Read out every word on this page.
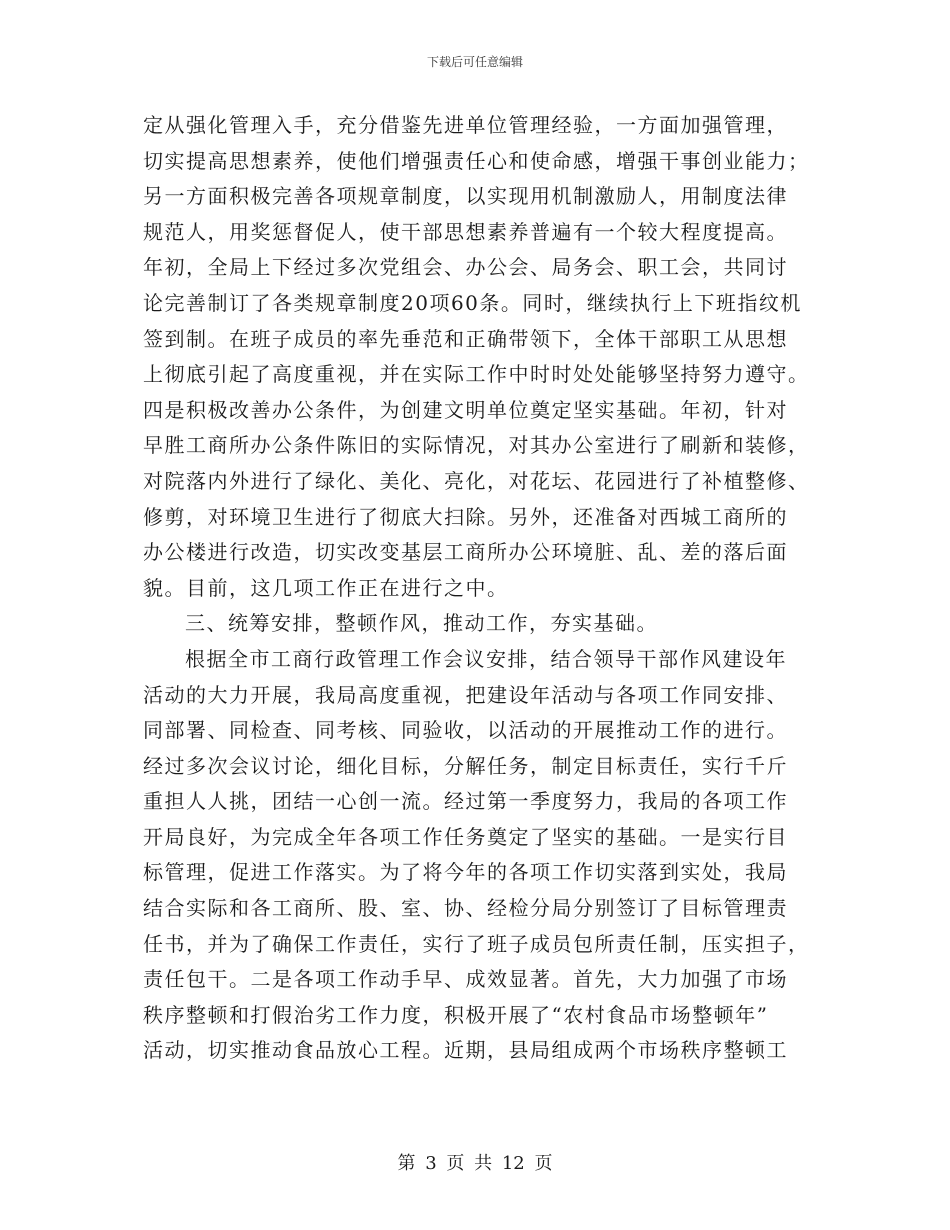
下载后可任意编辑
定从强化管理入手，充分借鉴先进单位管理经验，一方面加强管理，
切实提高思想素养，使他们增强责任心和使命感，增强干事创业能力；
另一方面积极完善各项规章制度，以实现用机制激励人，用制度法律
规范人，用奖惩督促人，使干部思想素养普遍有一个较大程度提高。
年初，全局上下经过多次党组会、办公会、局务会、职工会，共同讨
论完善制订了各类规章制度20项60条。同时，继续执行上下班指纹机
签到制。在班子成员的率先垂范和正确带领下，全体干部职工从思想
上彻底引起了高度重视，并在实际工作中时时处处能够坚持努力遵守。
四是积极改善办公条件，为创建文明单位奠定坚实基础。年初，针对
早胜工商所办公条件陈旧的实际情况，对其办公室进行了刷新和装修，
对院落内外进行了绿化、美化、亮化，对花坛、花园进行了补植整修、
修剪，对环境卫生进行了彻底大扫除。另外，还准备对西城工商所的
办公楼进行改造，切实改变基层工商所办公环境脏、乱、差的落后面
貌。目前，这几项工作正在进行之中。
三、统筹安排，整顿作风，推动工作，夯实基础。
根据全市工商行政管理工作会议安排，结合领导干部作风建设年
活动的大力开展，我局高度重视，把建设年活动与各项工作同安排、
同部署、同检查、同考核、同验收，以活动的开展推动工作的进行。
经过多次会议讨论，细化目标，分解任务，制定目标责任，实行千斤
重担人人挑，团结一心创一流。经过第一季度努力，我局的各项工作
开局良好，为完成全年各项工作任务奠定了坚实的基础。一是实行目
标管理，促进工作落实。为了将今年的各项工作切实落到实处，我局
结合实际和各工商所、股、室、协、经检分局分别签订了目标管理责
任书，并为了确保工作责任，实行了班子成员包所责任制，压实担子，
责任包干。二是各项工作动手早、成效显著。首先，大力加强了市场
秩序整顿和打假治劣工作力度，积极开展了“农村食品市场整顿年”
活动，切实推动食品放心工程。近期，县局组成两个市场秩序整顿工
第 3 页 共 12 页
